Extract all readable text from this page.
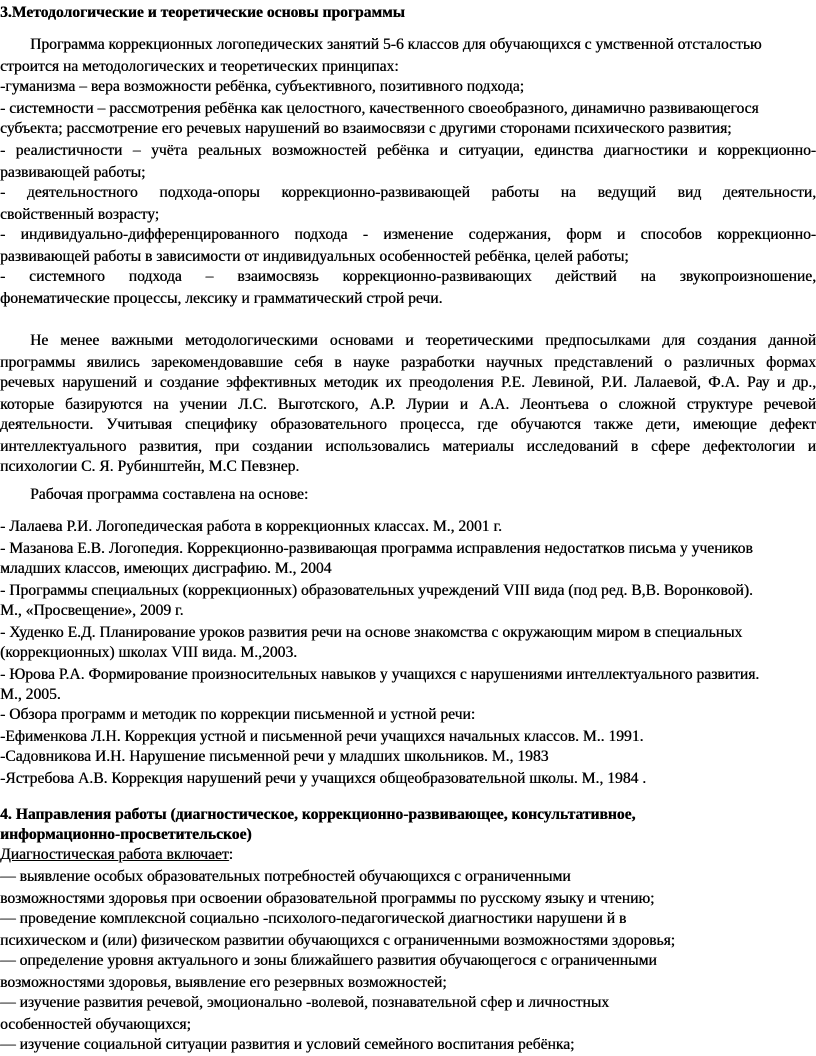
3.Методологические и теоретические основы программы
Программа коррекционных логопедических занятий 5-6 классов для обучающихся с умственной отсталостью
строится на методологических и теоретических принципах:
-гуманизма – вера возможности ребёнка, субъективного, позитивного подхода;
- системности – рассмотрения ребёнка как целостного, качественного своеобразного, динамично развивающегося
субъекта; рассмотрение его речевых нарушений во взаимосвязи с другими сторонами психического развития;
- реалистичности – учёта реальных возможностей ребёнка и ситуации, единства диагностики и коррекционно-
развивающей работы;
- деятельностного подхода-опоры коррекционно-развивающей работы на ведущий вид деятельности,
свойственный возрасту;
- индивидуально-дифференцированного подхода - изменение содержания, форм и способов коррекционно-
развивающей работы в зависимости от индивидуальных особенностей ребёнка, целей работы;
- системного подхода – взаимосвязь коррекционно-развивающих действий на звукопроизношение,
фонематические процессы, лексику и грамматический строй речи.
Не менее важными методологическими основами и теоретическими предпосылками для создания данной
программы явились зарекомендовавшие себя в науке разработки научных представлений о различных формах
речевых нарушений и создание эффективных методик их преодоления Р.Е. Левиной, Р.И. Лалаевой, Ф.А. Рау и др.,
которые базируются на учении Л.С. Выготского, А.Р. Лурии и А.А. Леонтьева о сложной структуре речевой
деятельности. Учитывая специфику образовательного процесса, где обучаются также дети, имеющие дефект
интеллектуального развития, при создании использовались материалы исследований в сфере дефектологии и
психологии С. Я. Рубинштейн, М.С Певзнер.
Рабочая программа составлена на основе:
- Лалаева Р.И. Логопедическая работа в коррекционных классах. М., 2001 г.
- Мазанова Е.В. Логопедия. Коррекционно-развивающая программа исправления недостатков письма у учеников
младших классов, имеющих дисграфию. М., 2004
- Программы специальных (коррекционных) образовательных учреждений VIII вида (под ред. В,В. Воронковой).
М., «Просвещение», 2009 г.
- Худенко Е.Д. Планирование уроков развития речи на основе знакомства с окружающим миром в специальных
(коррекционных) школах VIII вида. М.,2003.
- Юрова Р.А. Формирование произносительных навыков у учащихся с нарушениями интеллектуального развития.
М., 2005.
- Обзора программ и методик по коррекции письменной и устной речи:
-Ефименкова Л.Н. Коррекция устной и письменной речи учащихся начальных классов. М.. 1991.
-Садовникова И.Н. Нарушение письменной речи у младших школьников. М., 1983
-Ястребова А.В. Коррекция нарушений речи у учащихся общеобразовательной школы. М., 1984 .
4. Направления работы (диагностическое, коррекционно-развивающее, консультативное,
информационно-просветительское)
Диагностическая работа включает:
— выявление особых образовательных потребностей обучающихся с ограниченными
возможностями здоровья при освоении образовательной программы по русскому языку и чтению;
— проведение комплексной социально -психолого-педагогической диагностики нарушени й в
психическом и (или) физическом развитии обучающихся с ограниченными возможностями здоровья;
— определение уровня актуального и зоны ближайшего развития обучающегося с ограниченными
возможностями здоровья, выявление его резервных возможностей;
— изучение развития речевой, эмоционально -волевой, познавательной сфер и личностных
особенностей обучающихся;
— изучение социальной ситуации развития и условий семейного воспитания ребёнка;
